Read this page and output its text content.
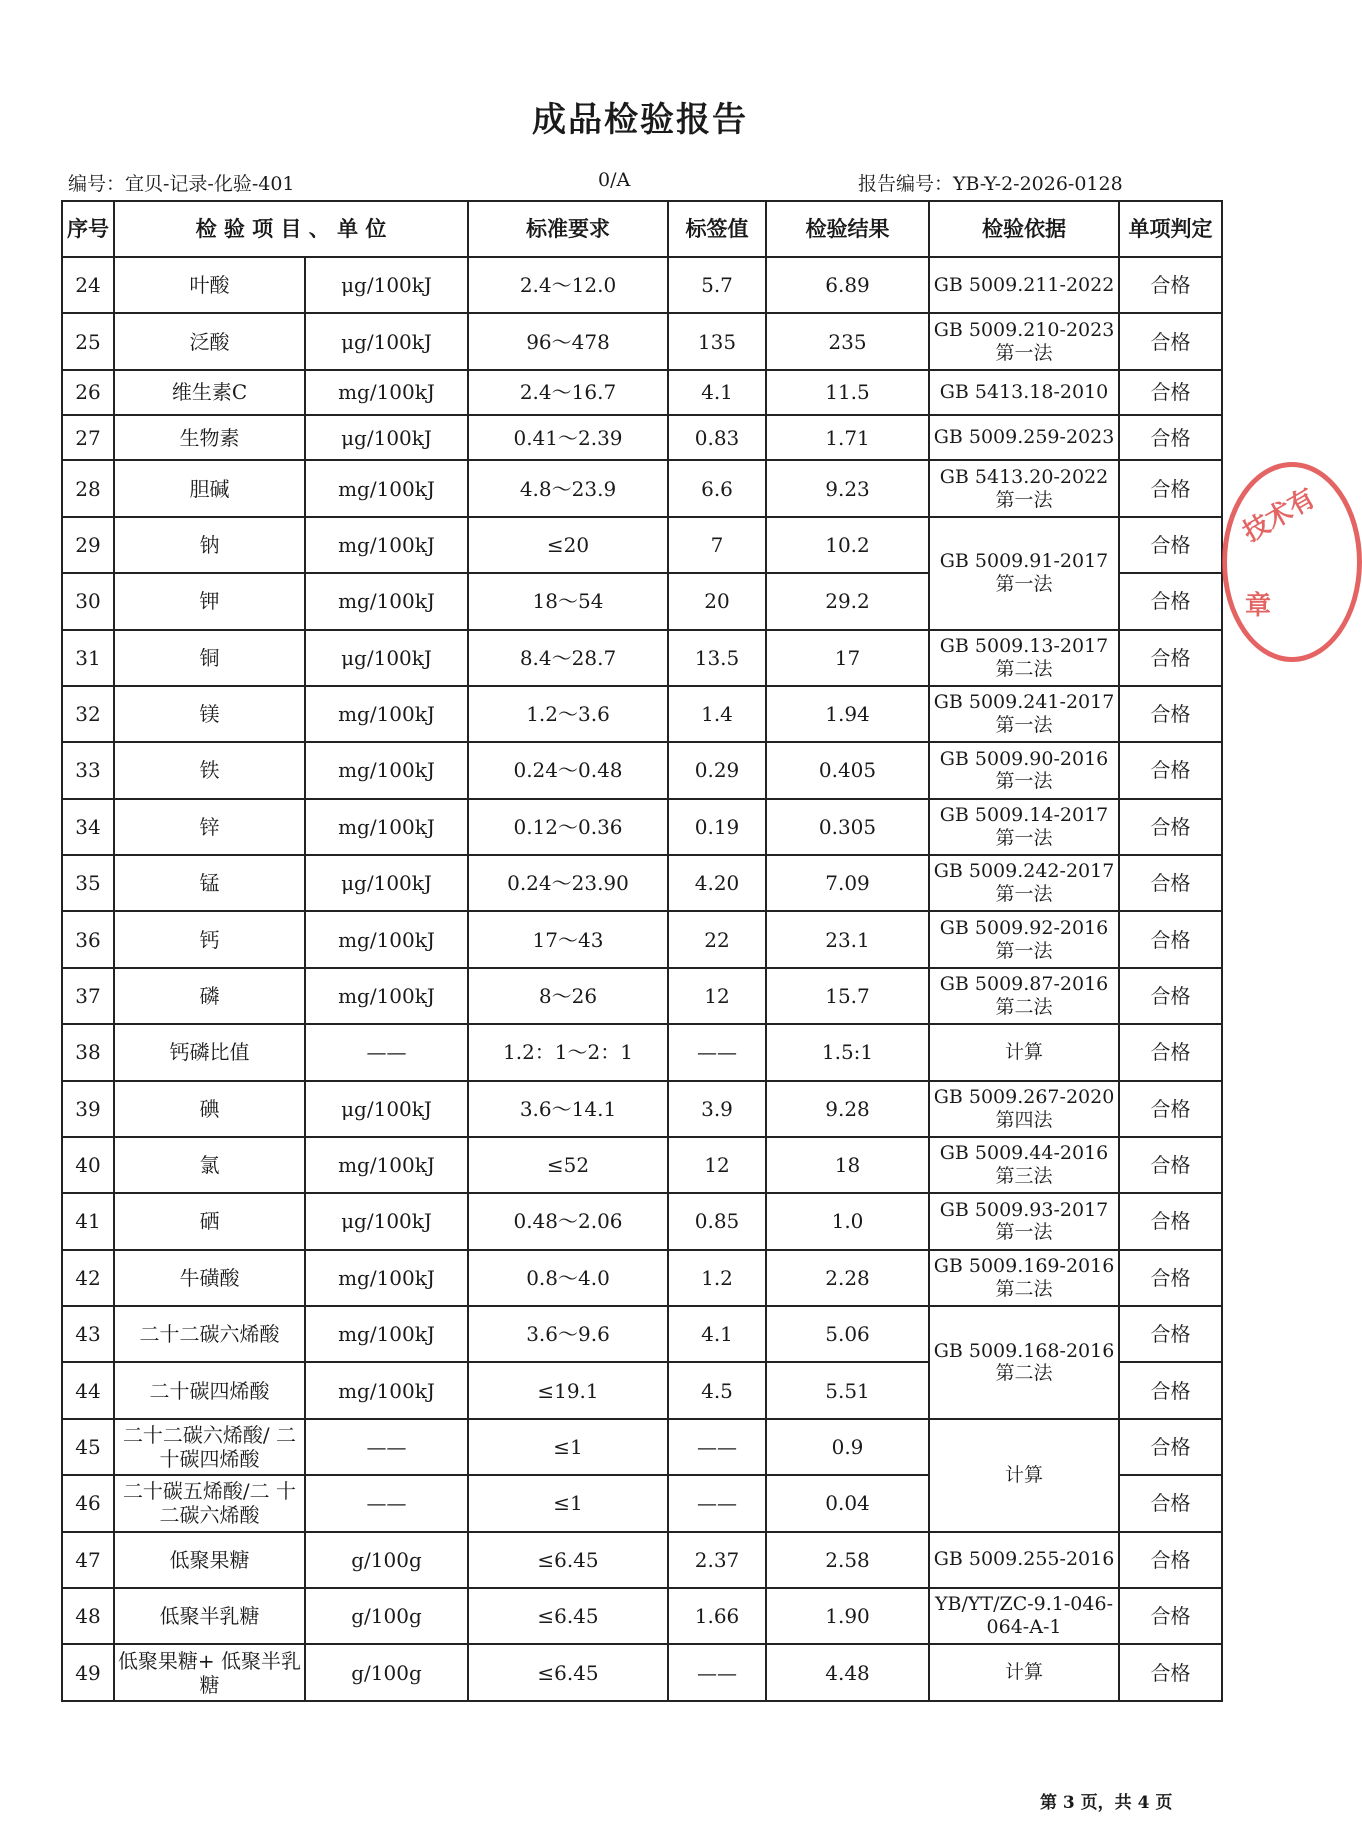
成品检验报告
编号：宜贝-记录-化验-401	0/A	报告编号：YB-Y-2-2026-0128
序号	检 验 项 目 、 单 位		标准要求	标签值	检验结果	检验依据	单项判定
24	叶酸	μg/100kJ	2.4～12.0	5.7	6.89	GB 5009.211-2022	合格
25	泛酸	μg/100kJ	96～478	135	235	GB 5009.210-2023 第一法	合格
26	维生素C	mg/100kJ	2.4～16.7	4.1	11.5	GB 5413.18-2010	合格
27	生物素	μg/100kJ	0.41～2.39	0.83	1.71	GB 5009.259-2023	合格
28	胆碱	mg/100kJ	4.8～23.9	6.6	9.23	GB 5413.20-2022 第一法	合格
29	钠	mg/100kJ	≤20	7	10.2	GB 5009.91-2017 第一法	合格
30	钾	mg/100kJ	18～54	20	29.2		合格
31	铜	μg/100kJ	8.4～28.7	13.5	17	GB 5009.13-2017 第二法	合格
32	镁	mg/100kJ	1.2～3.6	1.4	1.94	GB 5009.241-2017 第一法	合格
33	铁	mg/100kJ	0.24～0.48	0.29	0.405	GB 5009.90-2016 第一法	合格
34	锌	mg/100kJ	0.12～0.36	0.19	0.305	GB 5009.14-2017 第一法	合格
35	锰	μg/100kJ	0.24～23.90	4.20	7.09	GB 5009.242-2017 第一法	合格
36	钙	mg/100kJ	17～43	22	23.1	GB 5009.92-2016 第一法	合格
37	磷	mg/100kJ	8～26	12	15.7	GB 5009.87-2016 第二法	合格
38	钙磷比值	——	1.2：1～2：1	——	1.5:1	计算	合格
39	碘	μg/100kJ	3.6～14.1	3.9	9.28	GB 5009.267-2020 第四法	合格
40	氯	mg/100kJ	≤52	12	18	GB 5009.44-2016 第三法	合格
41	硒	μg/100kJ	0.48～2.06	0.85	1.0	GB 5009.93-2017 第一法	合格
42	牛磺酸	mg/100kJ	0.8～4.0	1.2	2.28	GB 5009.169-2016 第二法	合格
43	二十二碳六烯酸	mg/100kJ	3.6～9.6	4.1	5.06	GB 5009.168-2016 第二法	合格
44	二十碳四烯酸	mg/100kJ	≤19.1	4.5	5.51		合格
45	二十二碳六烯酸/ 二十碳四烯酸	——	≤1	——	0.9	计算	合格
46	二十碳五烯酸/二 十二碳六烯酸	——	≤1	——	0.04		合格
47	低聚果糖	g/100g	≤6.45	2.37	2.58	GB 5009.255-2016	合格
48	低聚半乳糖	g/100g	≤6.45	1.66	1.90	YB/YT/ZC-9.1-046- 064-A-1	合格
49	低聚果糖+ 低聚半乳糖	g/100g	≤6.45	——	4.48	计算	合格
技术有
章
第 3 页，共 4 页
